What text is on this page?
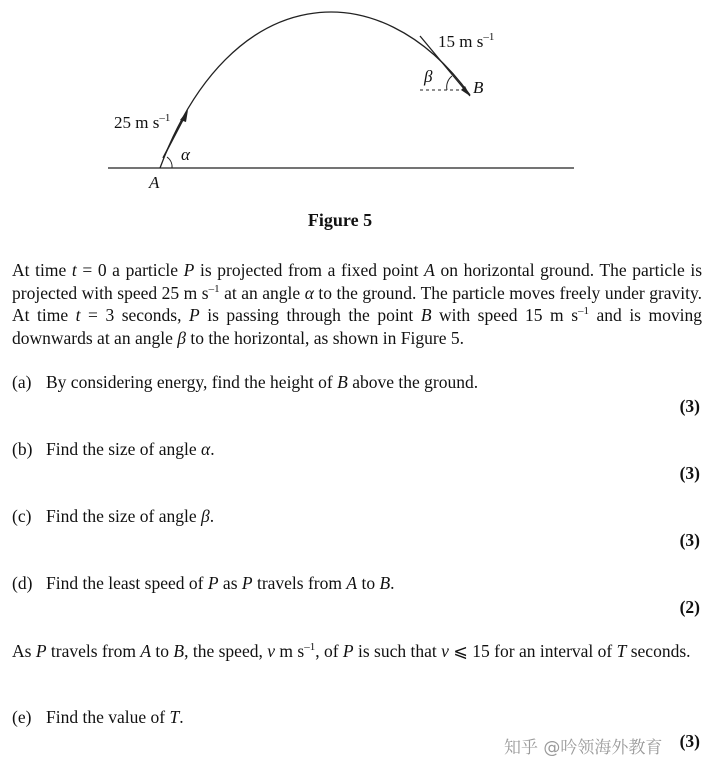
15 m $s^{-1}$
β
B
25 m $s^{-1}$
α
A
Figure 5
At time t = 0 a particle P is projected from a fixed point A on horizontal ground. The particle is projected with speed 25 m $s^{-1}$ at an angle α to the ground. The particle moves freely under gravity. At time t = 3 seconds, P is passing through the point B with speed 15 m $s^{-1}$ and is moving downwards at an angle β to the horizontal, as shown in Figure 5.
(a) By considering energy, find the height of B above the ground.
(3)
(b) Find the size of angle α.
(3)
(c) Find the size of angle β.
(3)
(d) Find the least speed of P as P travels from A to B.
(2)
As P travels from A to B, the speed, v m $s^{-1}$, of P is such that v ⩽ 15 for an interval of T seconds.
(e) Find the value of T.
(3)
知乎 @吟领海外教育
